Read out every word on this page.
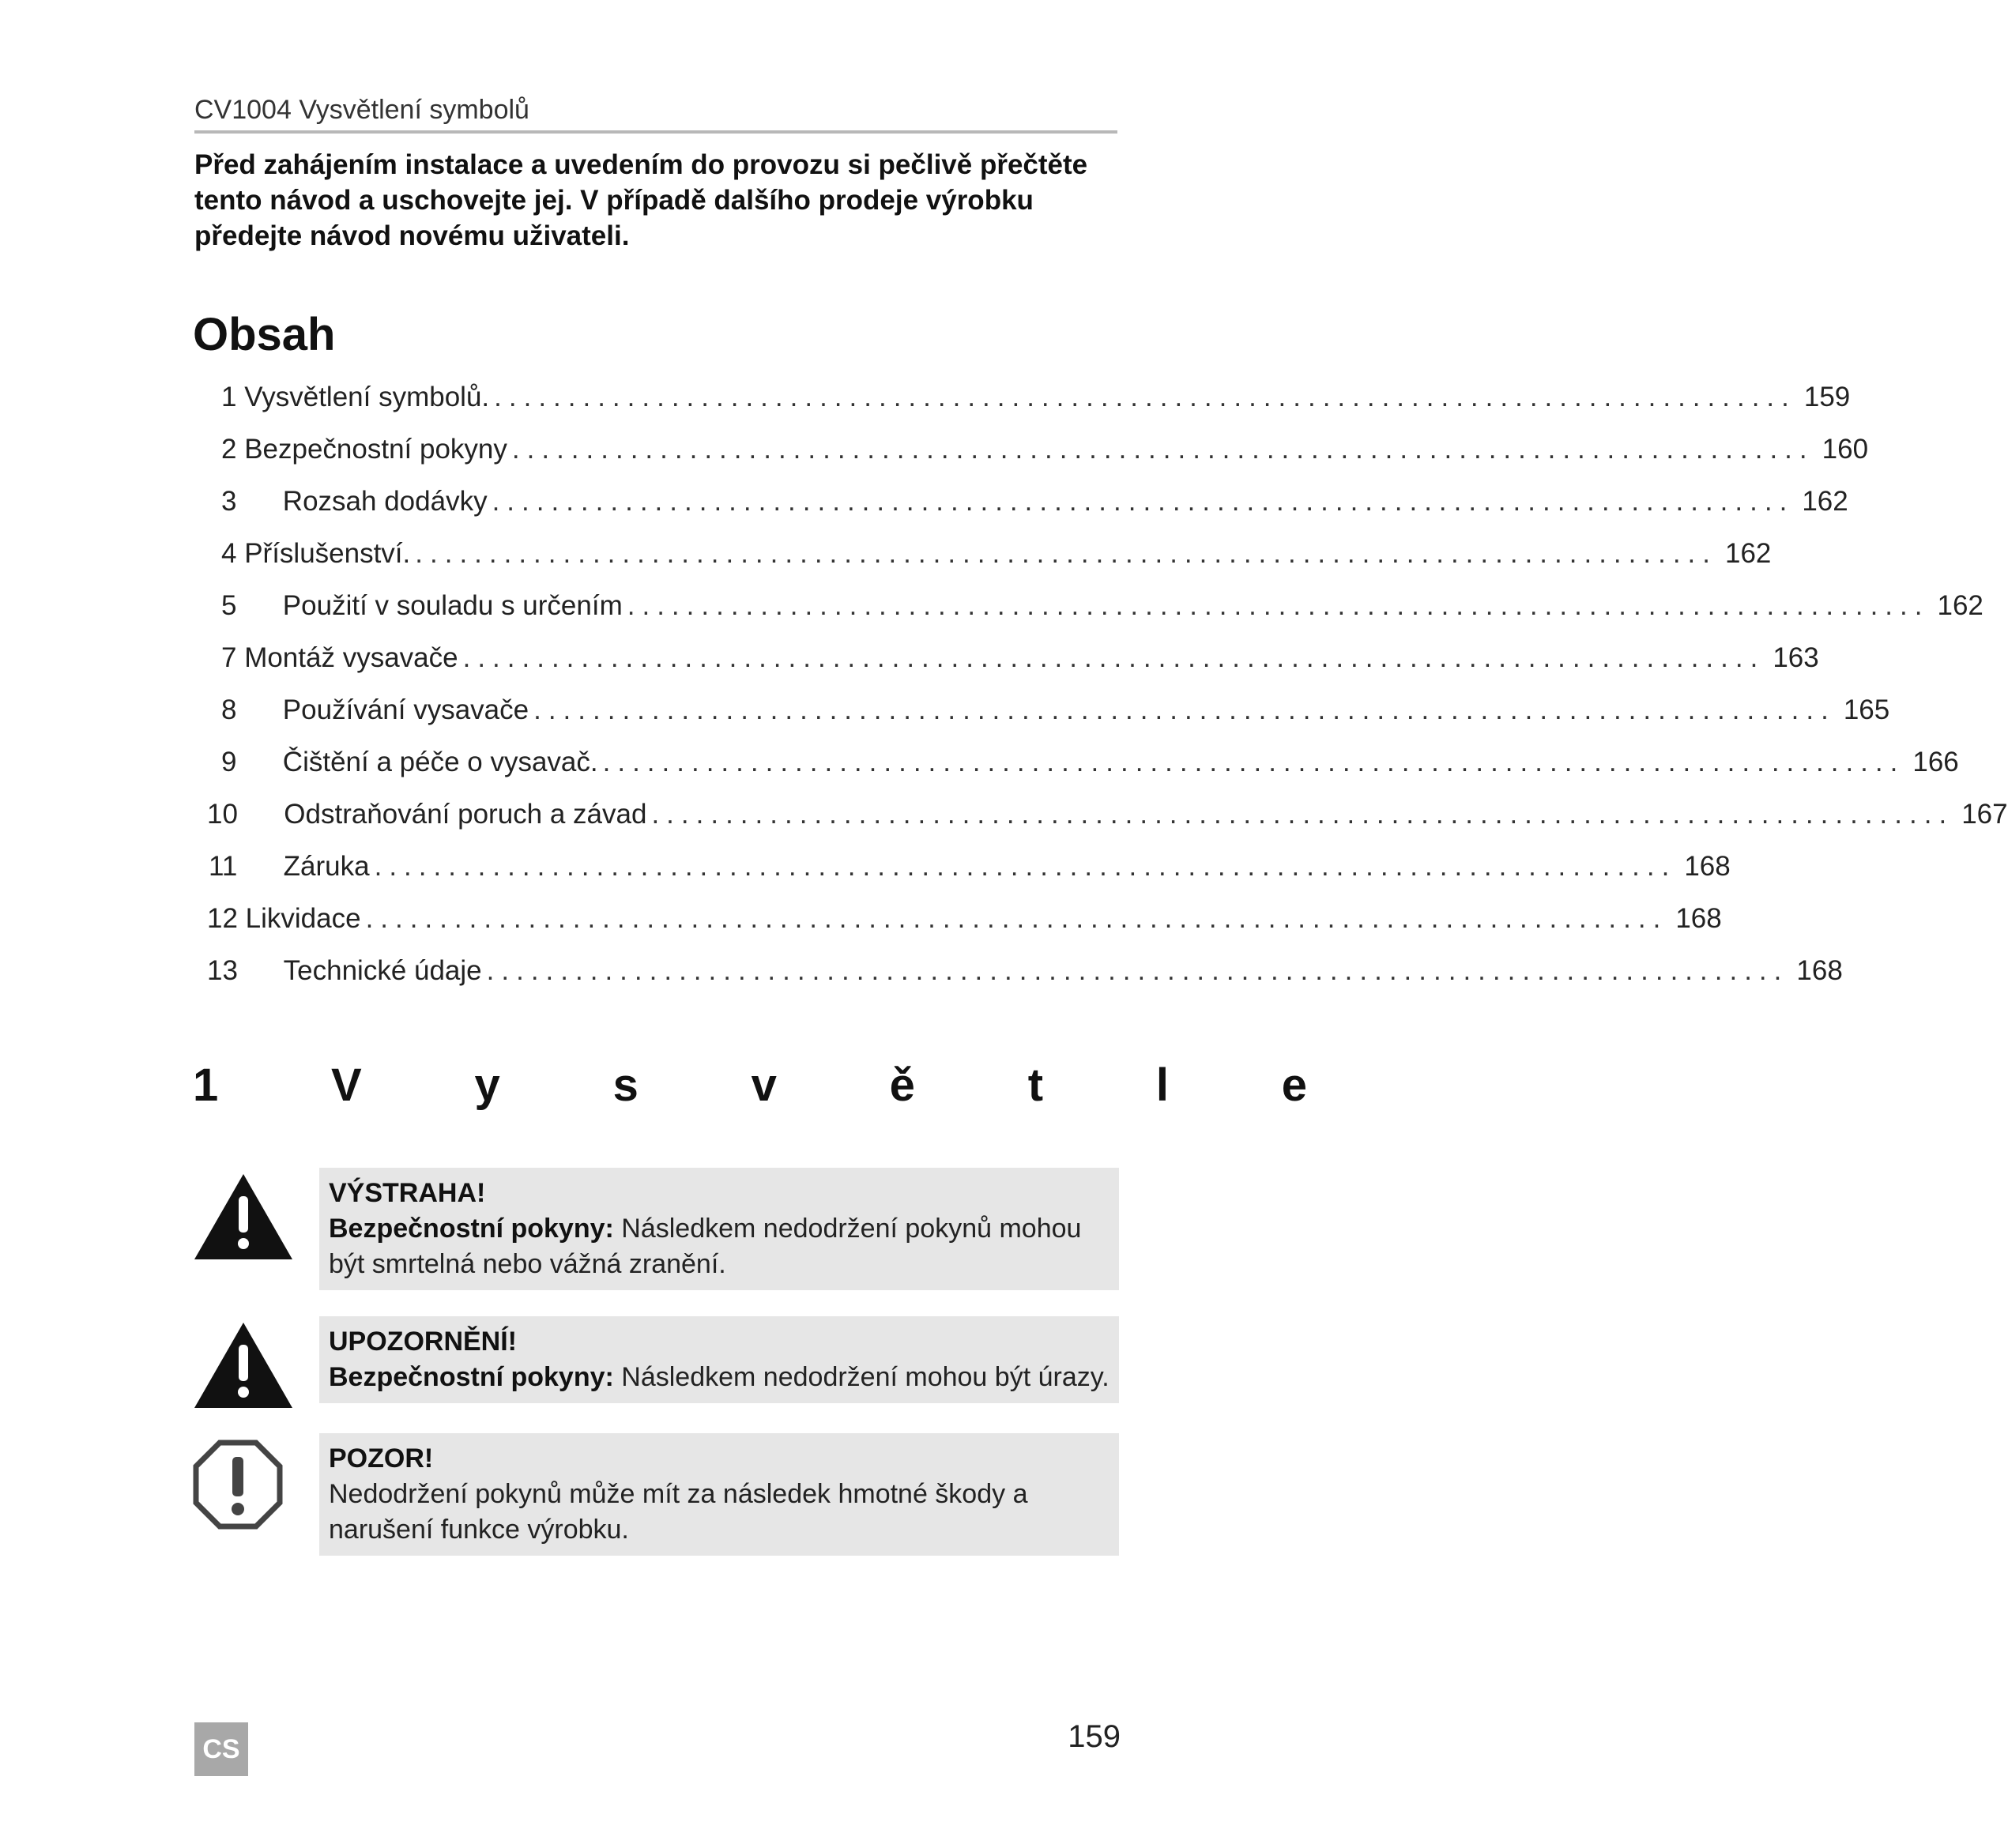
CV1004 Vysvětlení symbolů
Před zahájením instalace a uvedením do provozu si pečlivě přečtěte tento návod a uschovejte jej. V případě dalšího prodeje výrobku předejte návod novému uživateli.
Obsah
1 Vysvětlení symbolů. ........................................................................................ 159
2 Bezpečnostní pokyny ........................................................................................ 160
3      Rozsah dodávky ........................................................................................ 162
4 Příslušenství. ........................................................................................ 162
5      Použití v souladu s určením ........................................................................................ 162
7 Montáž vysavače ........................................................................................ 163
8      Používání vysavače ........................................................................................ 165
9      Čištění a péče o vysavač. ........................................................................................ 166
10      Odstraňování poruch a závad ........................................................................................ 167
11      Záruka ........................................................................................ 168
12 Likvidace ........................................................................................ 168
13      Technické údaje ........................................................................................ 168
1 V y s v ě t l e
VÝSTRAHA!
Bezpečnostní pokyny: Následkem nedodržení pokynů mohou být smrtelná nebo vážná zranění.
UPOZORNĚNÍ!
Bezpečnostní pokyny: Následkem nedodržení mohou být úrazy.
POZOR!
Nedodržení pokynů může mít za následek hmotné škody a narušení funkce výrobku.
CS	159
